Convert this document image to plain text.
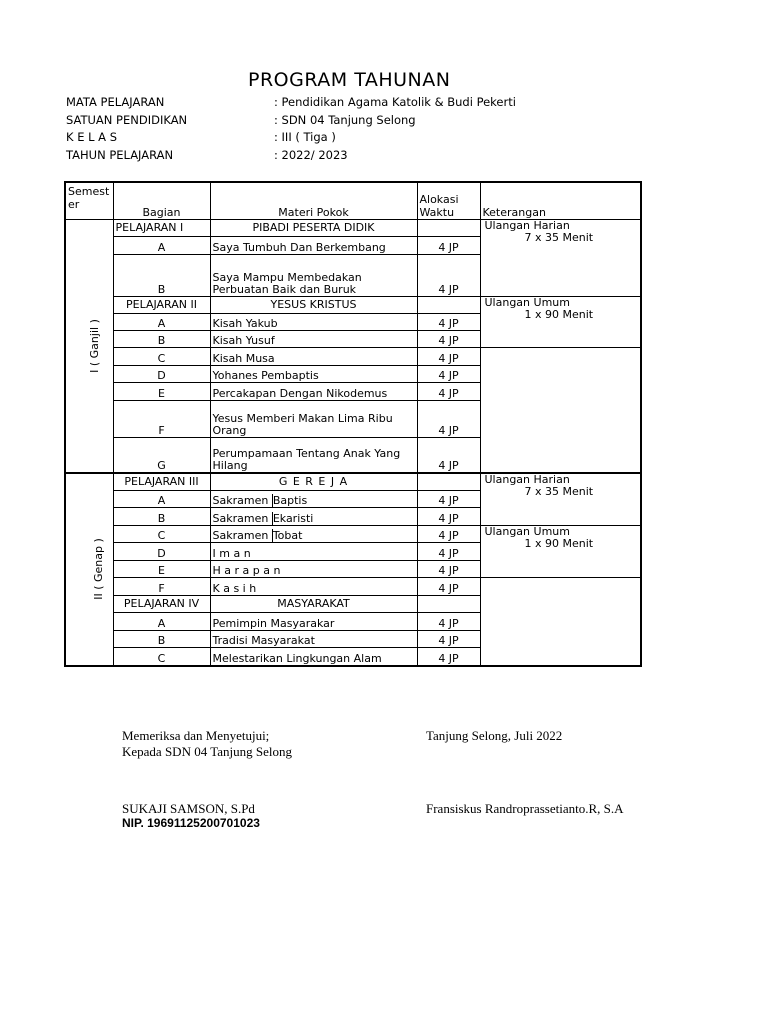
PROGRAM TAHUNAN
MATA PELAJARAN	: Pendidikan Agama Katolik & Budi Pekerti
SATUAN PENDIDIKAN	: SDN 04 Tanjung Selong
K E L A S	: III ( Tiga )
TAHUN PELAJARAN	: 2022/ 2023
Semest er	Bagian	Materi Pokok	Alokasi Waktu	Keterangan
I ( Ganjil )	PELAJARAN I	PIBADI PESERTA DIDIK		Ulangan Harian
7 x 35 Menit

	A	Saya Tumbuh Dan Berkembang	4 JP	
	B	Saya Mampu Membedakan Perbuatan Baik dan Buruk	4 JP	
	PELAJARAN II	YESUS KRISTUS		Ulangan Umum
1 x 90 Menit

	A	Kisah Yakub	4 JP	
	B	Kisah Yusuf	4 JP	
	C	Kisah Musa	4 JP	
	D	Yohanes Pembaptis	4 JP	
	E	Percakapan Dengan Nikodemus	4 JP	
	F	Yesus Memberi Makan Lima Ribu Orang	4 JP	
	G	Perumpamaan Tentang Anak Yang Hilang	4 JP	
II ( Genap )	PELAJARAN III	G E R E J A		Ulangan Harian
7 x 35 Menit

	A	Sakramen Baptis	4 JP	
	B	Sakramen Ekaristi	4 JP	
	C	Sakramen Tobat	4 JP	Ulangan Umum
1 x 90 Menit

	D	I m a n	4 JP	
	E	H a r a p a n	4 JP	
	F	K a s i h	4 JP	
	PELAJARAN IV	MASYARAKAT		
	A	Pemimpin Masyarakar	4 JP	
	B	Tradisi Masyarakat	4 JP	
	C	Melestarikan Lingkungan Alam	4 JP	
Memeriksa dan Menyetujui;
Kepada SDN 04 Tanjung Selong
Tanjung Selong, Juli 2022
SUKAJI SAMSON, S.Pd
NIP. 19691125200701023
Fransiskus Randroprassetianto.R, S.A
